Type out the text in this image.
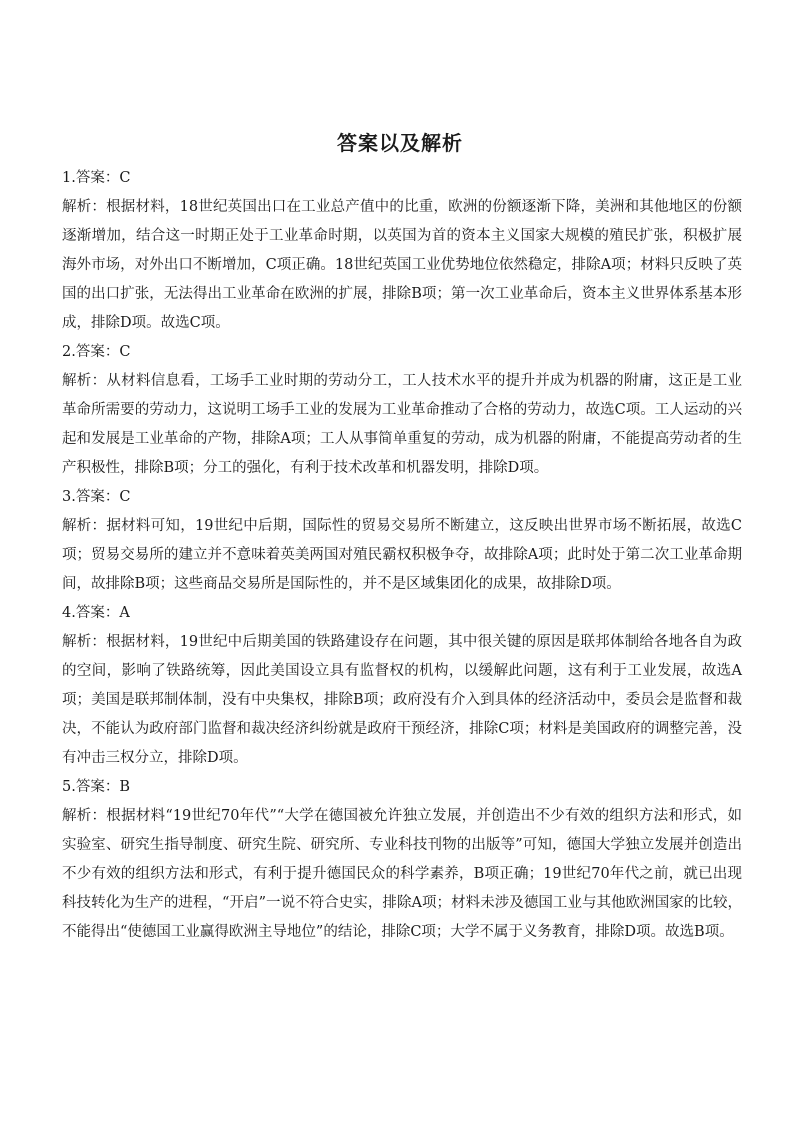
答案以及解析

1.答案：C

解析：根据材料，18世纪英国出口在工业总产值中的比重，欧洲的份额逐渐下降，美洲和其他地区的份额逐渐增加，结合这一时期正处于工业革命时期，以英国为首的资本主义国家大规模的殖民扩张，积极扩展海外市场，对外出口不断增加，C项正确。18世纪英国工业优势地位依然稳定，排除A项；材料只反映了英国的出口扩张，无法得出工业革命在欧洲的扩展，排除B项；第一次工业革命后，资本主义世界体系基本形成，排除D项。故选C项。

2.答案：C

解析：从材料信息看，工场手工业时期的劳动分工，工人技术水平的提升并成为机器的附庸，这正是工业革命所需要的劳动力，这说明工场手工业的发展为工业革命推动了合格的劳动力，故选C项。工人运动的兴起和发展是工业革命的产物，排除A项；工人从事简单重复的劳动，成为机器的附庸，不能提高劳动者的生产积极性，排除B项；分工的强化，有利于技术改革和机器发明，排除D项。

3.答案：C

解析：据材料可知，19世纪中后期，国际性的贸易交易所不断建立，这反映出世界市场不断拓展，故选C项；贸易交易所的建立并不意味着英美两国对殖民霸权积极争夺，故排除A项；此时处于第二次工业革命期间，故排除B项；这些商品交易所是国际性的，并不是区域集团化的成果，故排除D项。

4.答案：A

解析：根据材料，19世纪中后期美国的铁路建设存在问题，其中很关键的原因是联邦体制给各地各自为政的空间，影响了铁路统筹，因此美国设立具有监督权的机构，以缓解此问题，这有利于工业发展，故选A项；美国是联邦制体制，没有中央集权，排除B项；政府没有介入到具体的经济活动中，委员会是监督和裁决，不能认为政府部门监督和裁决经济纠纷就是政府干预经济，排除C项；材料是美国政府的调整完善，没有冲击三权分立，排除D项。

5.答案：B

解析：根据材料“19世纪70年代”“大学在德国被允许独立发展，并创造出不少有效的组织方法和形式，如实验室、研究生指导制度、研究生院、研究所、专业科技刊物的出版等”可知，德国大学独立发展并创造出不少有效的组织方法和形式，有利于提升德国民众的科学素养，B项正确；19世纪70年代之前，就已出现科技转化为生产的进程，“开启”一说不符合史实，排除A项；材料未涉及德国工业与其他欧洲国家的比较，不能得出“使德国工业赢得欧洲主导地位”的结论，排除C项；大学不属于义务教育，排除D项。故选B项。
